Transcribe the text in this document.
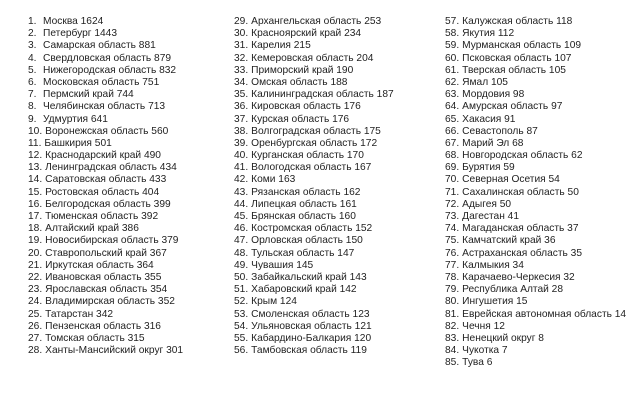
1. Москва 1624
2. Петербург 1443
3. Самарская область 881
4. Свердловская область 879
5. Нижегородская область 832
6. Московская область 751
7. Пермский край 744
8. Челябинская область 713
9. Удмуртия 641
10. Воронежская область 560
11. Башкирия 501
12. Краснодарский край 490
13. Ленинградская область 434
14. Саратовская область 433
15. Ростовская область 404
16. Белгородская область 399
17. Тюменская область 392
18. Алтайский край 386
19. Новосибирская область 379
20. Ставропольский край 367
21. Иркутская область 364
22. Ивановская область 355
23. Ярославская область 354
24. Владимирская область 352
25. Татарстан 342
26. Пензенская область 316
27. Томская область 315
28. Ханты-Мансийский округ 301
29. Архангельская область 253
30. Красноярский край 234
31. Карелия 215
32. Кемеровская область 204
33. Приморский край 190
34. Омская область 188
35. Калининградская область 187
36. Кировская область 176
37. Курская область 176
38. Волгоградская область 175
39. Оренбургская область 172
40. Курганская область 170
41. Вологодская область 167
42. Коми 163
43. Рязанская область 162
44. Липецкая область 161
45. Брянская область 160
46. Костромская область 152
47. Орловская область 150
48. Тульская область 147
49. Чувашия 145
50. Забайкальский край 143
51. Хабаровский край 142
52. Крым 124
53. Смоленская область 123
54. Ульяновская область 121
55. Кабардино-Балкария 120
56. Тамбовская область 119
57. Калужская область 118
58. Якутия 112
59. Мурманская область 109
60. Псковская область 107
61. Тверская область 105
62. Ямал 105
63. Мордовия 98
64. Амурская область 97
65. Хакасия 91
66. Севастополь 87
67. Марий Эл 68
68. Новгородская область 62
69. Бурятия 59
70. Северная Осетия 54
71. Сахалинская область 50
72. Адыгея 50
73. Дагестан 41
74. Магаданская область 37
75. Камчатский край 36
76. Астраханская область 35
77. Калмыкия 34
78. Карачаево-Черкесия 32
79. Республика Алтай 28
80. Ингушетия 15
81. Еврейская автономная область 14
82. Чечня 12
83. Ненецкий округ 8
84. Чукотка 7
85. Тува 6
